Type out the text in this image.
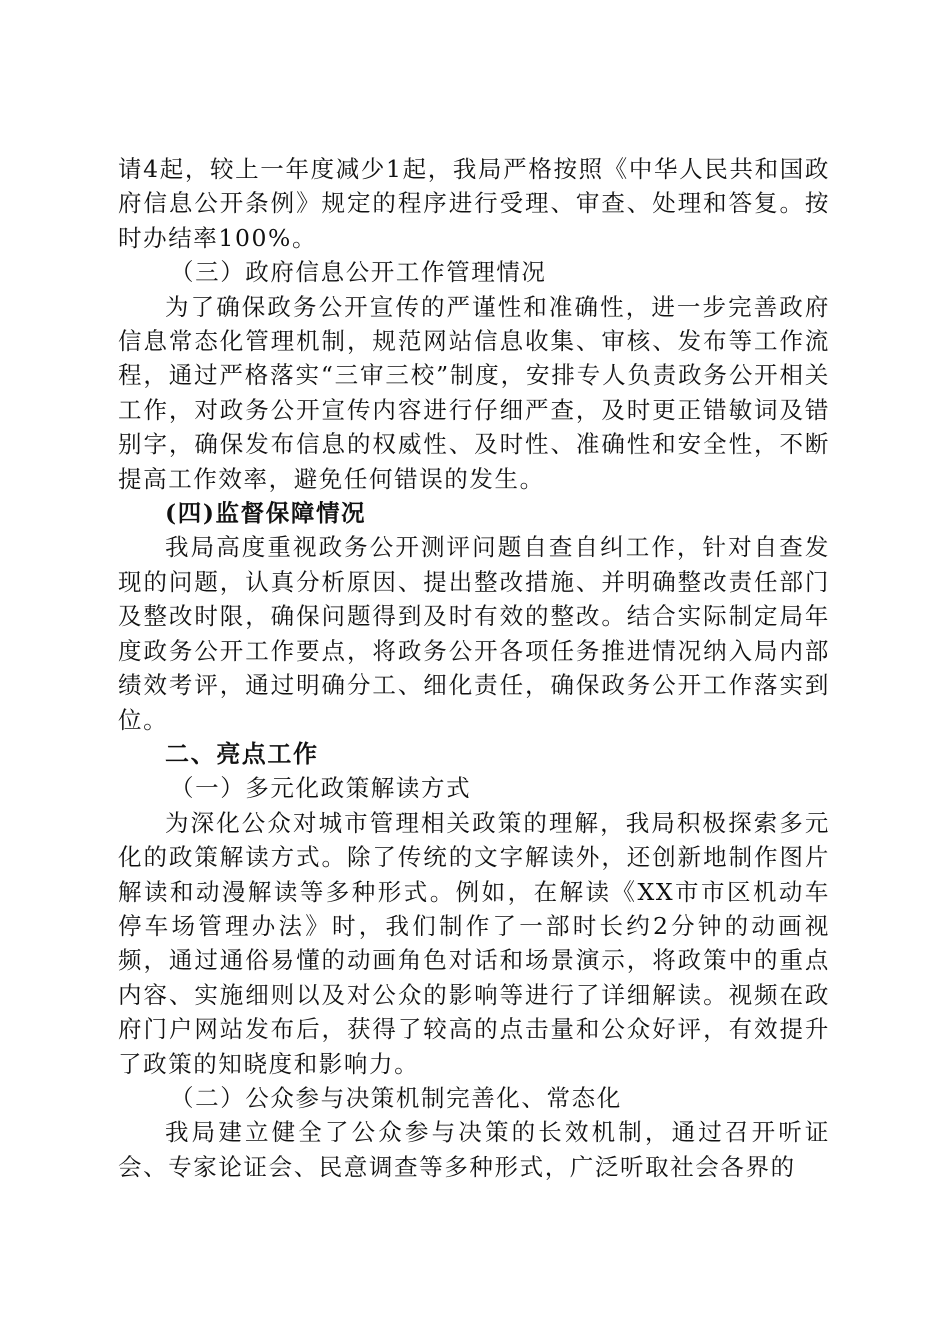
请4起，较上一年度减少1起，我局严格按照《中华人民共和国政府信息公开条例》规定的程序进行受理、审查、处理和答复。按时办结率100%。

（三）政府信息公开工作管理情况

为了确保政务公开宣传的严谨性和准确性，进一步完善政府信息常态化管理机制，规范网站信息收集、审核、发布等工作流程，通过严格落实“三审三校”制度，安排专人负责政务公开相关工作，对政务公开宣传内容进行仔细严查，及时更正错敏词及错别字，确保发布信息的权威性、及时性、准确性和安全性，不断提高工作效率，避免任何错误的发生。

(四)监督保障情况

我局高度重视政务公开测评问题自查自纠工作，针对自查发现的问题，认真分析原因、提出整改措施、并明确整改责任部门及整改时限，确保问题得到及时有效的整改。结合实际制定局年度政务公开工作要点，将政务公开各项任务推进情况纳入局内部绩效考评，通过明确分工、细化责任，确保政务公开工作落实到位。

二、亮点工作

（一）多元化政策解读方式

为深化公众对城市管理相关政策的理解，我局积极探索多元化的政策解读方式。除了传统的文字解读外，还创新地制作图片解读和动漫解读等多种形式。例如，在解读《XX市市区机动车停车场管理办法》时，我们制作了一部时长约2分钟的动画视频，通过通俗易懂的动画角色对话和场景演示，将政策中的重点内容、实施细则以及对公众的影响等进行了详细解读。视频在政府门户网站发布后，获得了较高的点击量和公众好评，有效提升了政策的知晓度和影响力。

（二）公众参与决策机制完善化、常态化

我局建立健全了公众参与决策的长效机制，通过召开听证会、专家论证会、民意调查等多种形式，广泛听取社会各界的
